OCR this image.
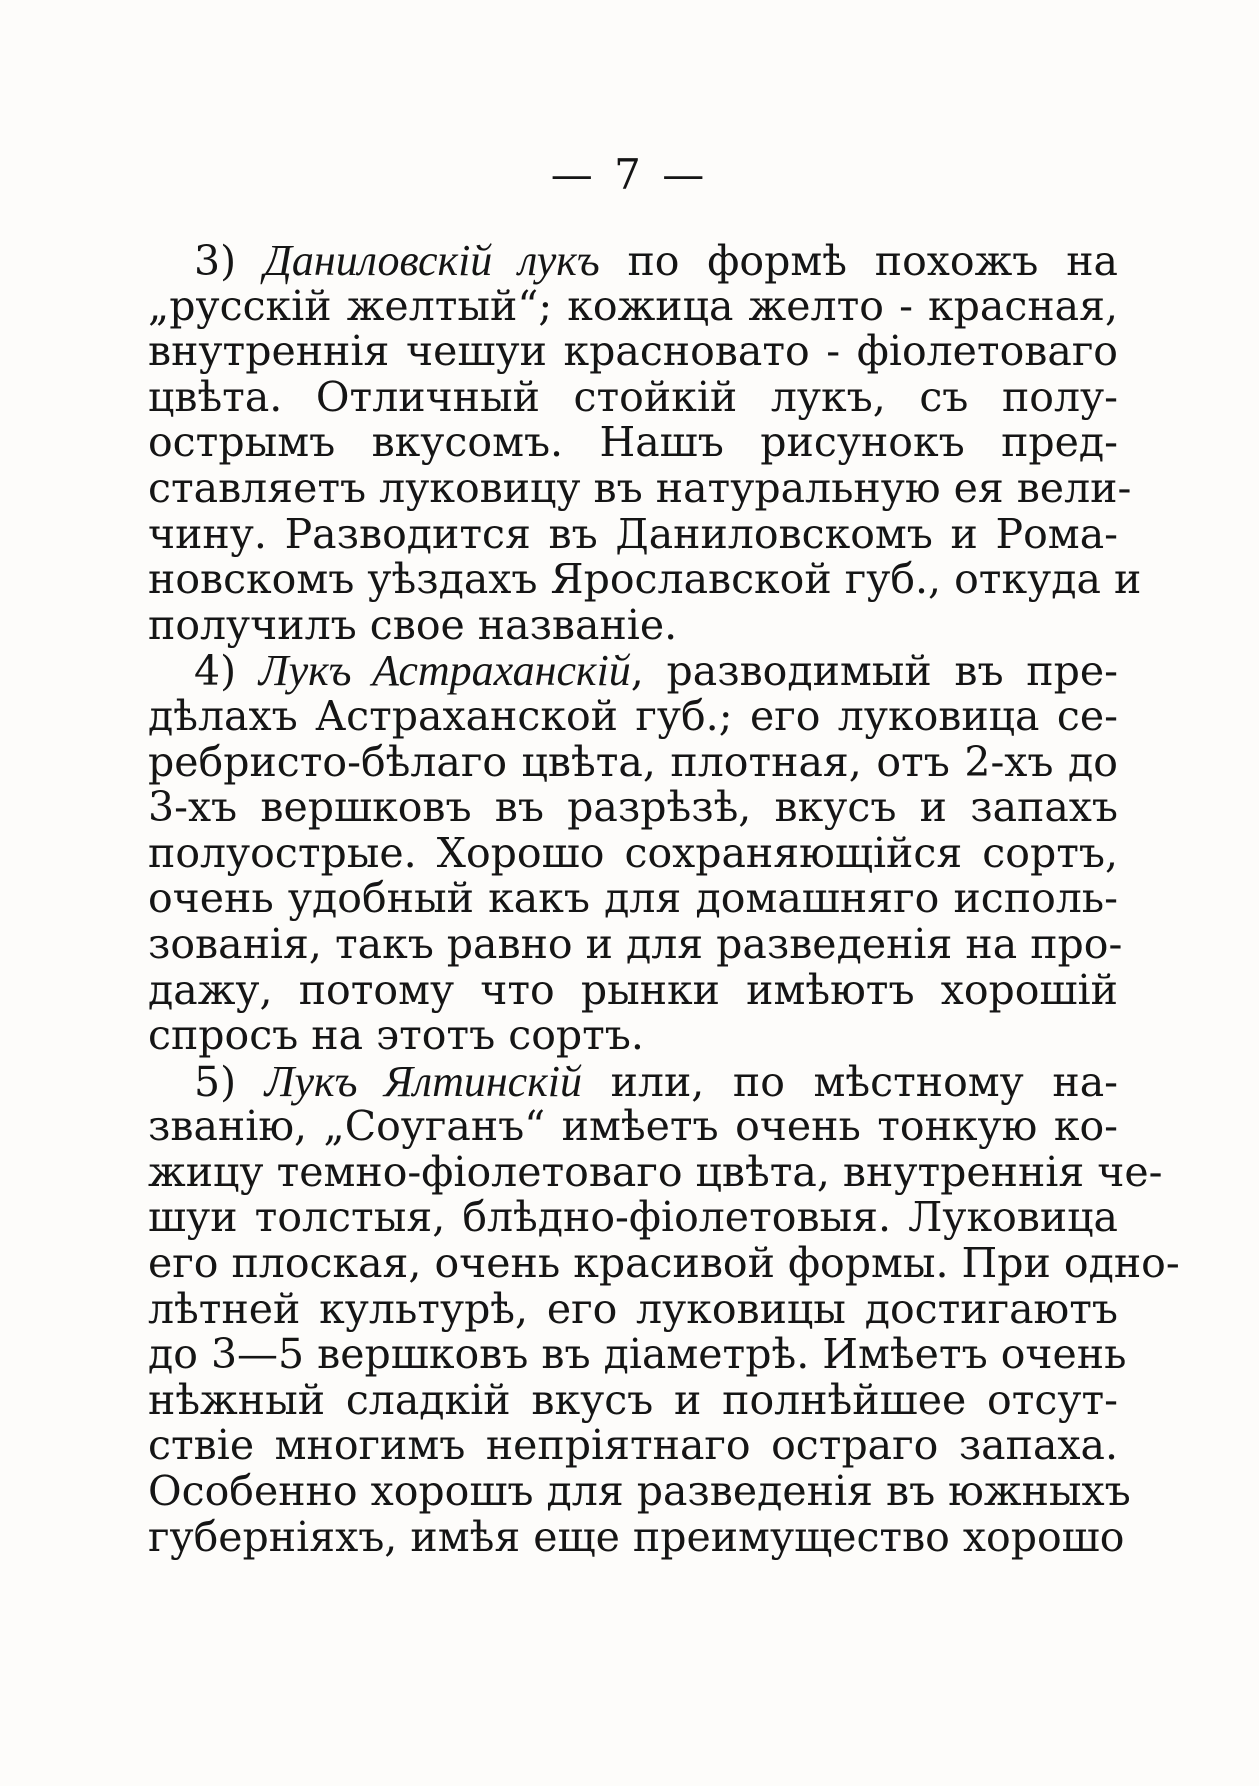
— 7 —
3) Даниловскій лукъ по формѣ похожъ на
„русскій желтый“; кожица желто - красная,
внутреннія чешуи красновато - фіолетоваго
цвѣта. Отличный стойкій лукъ, съ полу-
острымъ вкусомъ. Нашъ рисунокъ пред-
ставляетъ луковицу въ натуральную ея вели-
чину. Разводится въ Даниловскомъ и Рома-
новскомъ уѣздахъ Ярославской губ., откуда и
получилъ свое названіе.
4) Лукъ Астраханскій, разводимый въ пре-
дѣлахъ Астраханской губ.; его луковица се-
ребристо-бѣлаго цвѣта, плотная, отъ 2-хъ до
3-хъ вершковъ въ разрѣзѣ, вкусъ и запахъ
полуострые. Хорошо сохраняющійся сортъ,
очень удобный какъ для домашняго исполь-
зованія, такъ равно и для разведенія на про-
дажу, потому что рынки имѣютъ хорошій
спросъ на этотъ сортъ.
5) Лукъ Ялтинскій или, по мѣстному на-
званію, „Соуганъ“ имѣетъ очень тонкую ко-
жицу темно-фіолетоваго цвѣта, внутреннія че-
шуи толстыя, блѣдно-фіолетовыя. Луковица
его плоская, очень красивой формы. При одно-
лѣтней культурѣ, его луковицы достигаютъ
до 3—5 вершковъ въ діаметрѣ. Имѣетъ очень
нѣжный сладкій вкусъ и полнѣйшее отсут-
ствіе многимъ непріятнаго остраго запаха.
Особенно хорошъ для разведенія въ южныхъ
губерніяхъ, имѣя еще преимущество хорошо
